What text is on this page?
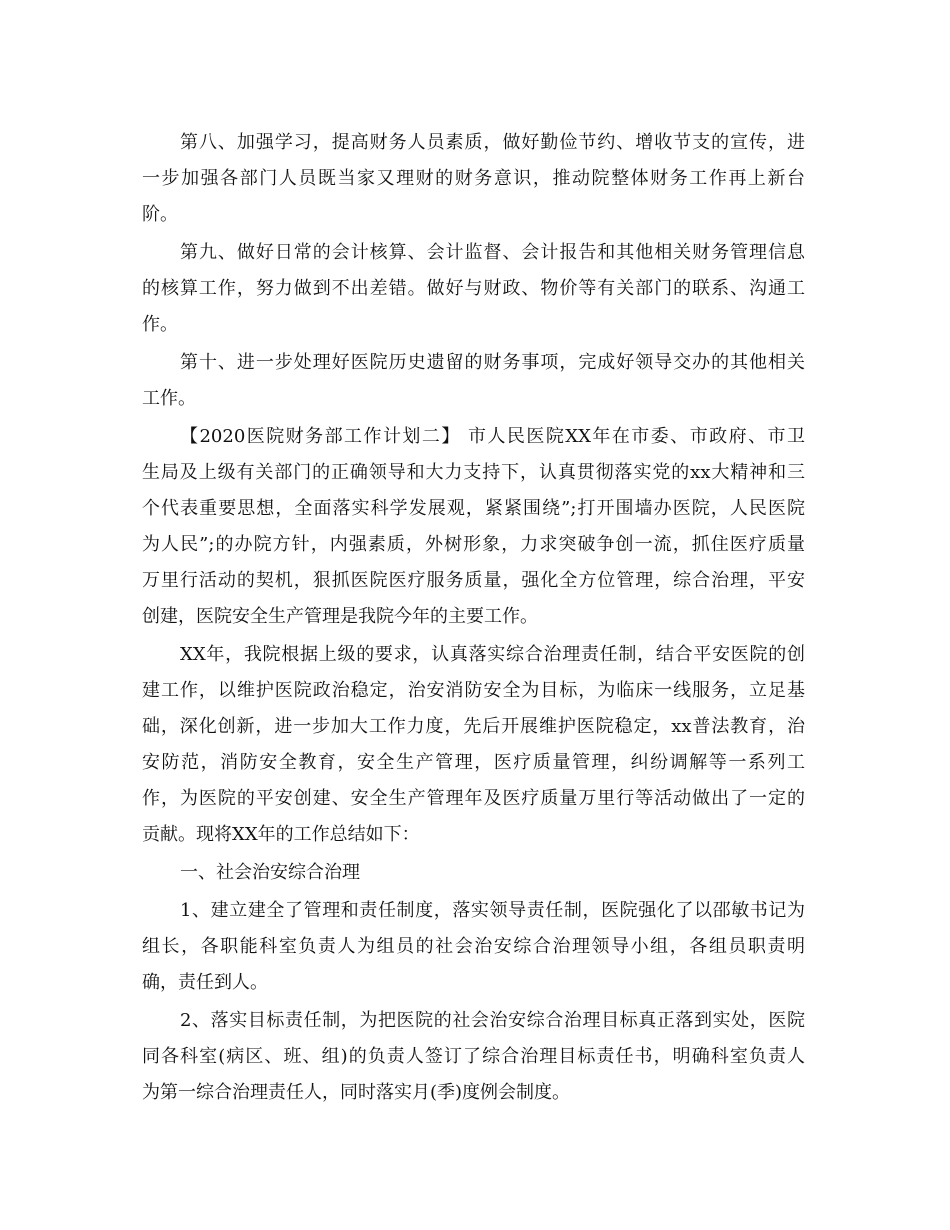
第八、加强学习，提高财务人员素质，做好勤俭节约、增收节支的宣传，进
一步加强各部门人员既当家又理财的财务意识，推动院整体财务工作再上新台
阶。
第九、做好日常的会计核算、会计监督、会计报告和其他相关财务管理信息
的核算工作，努力做到不出差错。做好与财政、物价等有关部门的联系、沟通工
作。
第十、进一步处理好医院历史遗留的财务事项，完成好领导交办的其他相关
工作。
【2020医院财务部工作计划二】 市人民医院XX年在市委、市政府、市卫
生局及上级有关部门的正确领导和大力支持下，认真贯彻落实党的xx大精神和三
个代表重要思想，全面落实科学发展观，紧紧围绕”;打开围墙办医院，人民医院
为人民”;的办院方针，内强素质，外树形象，力求突破争创一流，抓住医疗质量
万里行活动的契机，狠抓医院医疗服务质量，强化全方位管理，综合治理，平安
创建，医院安全生产管理是我院今年的主要工作。
XX年，我院根据上级的要求，认真落实综合治理责任制，结合平安医院的创
建工作，以维护医院政治稳定，治安消防安全为目标，为临床一线服务，立足基
础，深化创新，进一步加大工作力度，先后开展维护医院稳定，xx普法教育，治
安防范，消防安全教育，安全生产管理，医疗质量管理，纠纷调解等一系列工
作，为医院的平安创建、安全生产管理年及医疗质量万里行等活动做出了一定的
贡献。现将XX年的工作总结如下：
一、社会治安综合治理
1、建立建全了管理和责任制度，落实领导责任制，医院强化了以邵敏书记为
组长，各职能科室负责人为组员的社会治安综合治理领导小组，各组员职责明
确，责任到人。
2、落实目标责任制，为把医院的社会治安综合治理目标真正落到实处，医院
同各科室(病区、班、组)的负责人签订了综合治理目标责任书，明确科室负责人
为第一综合治理责任人，同时落实月(季)度例会制度。
